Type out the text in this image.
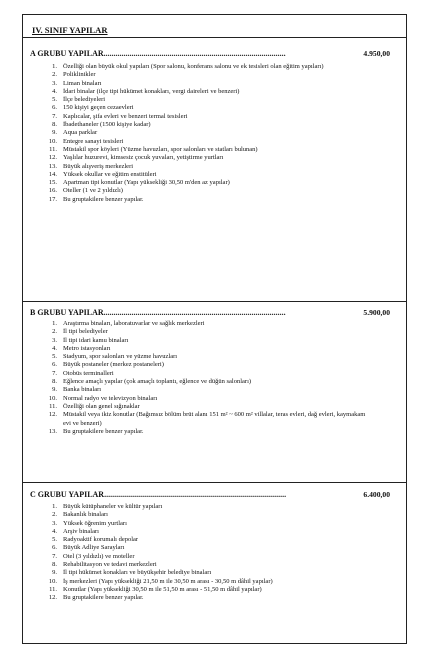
IV. SINIF YAPILAR
A GRUBU YAPILAR...........................................................................................	4.950,00
1. Özelliği olan büyük okul yapıları (Spor salonu, konferans salonu ve ek tesisleri olan eğitim yapıları)
2. Poliklinikler
3. Liman binaları
4. İdari binalar (ilçe tipi hükümet konakları, vergi daireleri ve benzeri)
5. İlçe belediyeleri
6. 150 kişiyi geçen cezaevleri
7. Kaplıcalar, şifa evleri ve benzeri termal tesisleri
8. İbadethaneler (1500 kişiye kadar)
9. Aqua parklar
10. Entegre sanayi tesisleri
11. Müstakil spor köyleri (Yüzme havuzları, spor salonları ve statları bulunan)
12. Yaşlılar huzurevi, kimsesiz çocuk yuvaları, yetiştirme yurtları
13. Büyük alışveriş merkezleri
14. Yüksek okullar ve eğitim enstitüleri
15. Apartman tipi konutlar (Yapı yüksekliği 30,50 m'den az yapılar)
16. Oteller (1 ve 2 yıldızlı)
17. Bu gruptakilere benzer yapılar.
B GRUBU YAPILAR...........................................................................................	5.900,00
1. Araştırma binaları, laboratuvarlar ve sağlık merkezleri
2. İl tipi belediyeler
3. İl tipi idari kamu binaları
4. Metro istasyonları
5. Stadyum, spor salonları ve yüzme havuzları
6. Büyük postaneler (merkez postaneleri)
7. Otobüs terminalleri
8. Eğlence amaçlı yapılar (çok amaçlı toplantı, eğlence ve düğün salonları)
9. Banka binaları
10. Normal radyo ve televizyon binaları
11. Özelliği olan genel sığınaklar
12. Müstakil veya ikiz konutlar (Bağımsız bölüm brüt alanı 151 m² ~ 600 m² villalar, teras evleri, dağ evleri, kaymakam evi ve benzeri)
13. Bu gruptakilere benzer yapılar.
C GRUBU YAPILAR...........................................................................................	6.400,00
1. Büyük kütüphaneler ve kültür yapıları
2. Bakanlık binaları
3. Yüksek öğrenim yurtları
4. Arşiv binaları
5. Radyoaktif korumalı depolar
6. Büyük Adliye Sarayları
7. Otel (3 yıldızlı) ve moteller
8. Rehabilitasyon ve tedavi merkezleri
9. İl tipi hükümet konakları ve büyükşehir belediye binaları
10. İş merkezleri (Yapı yüksekliği 21,50 m ile 30,50 m arası - 30,50 m dâhil yapılar)
11. Konutlar (Yapı yüksekliği 30,50 m ile 51,50 m arası - 51,50 m dâhil yapılar)
12. Bu gruptakilere benzer yapılar.
